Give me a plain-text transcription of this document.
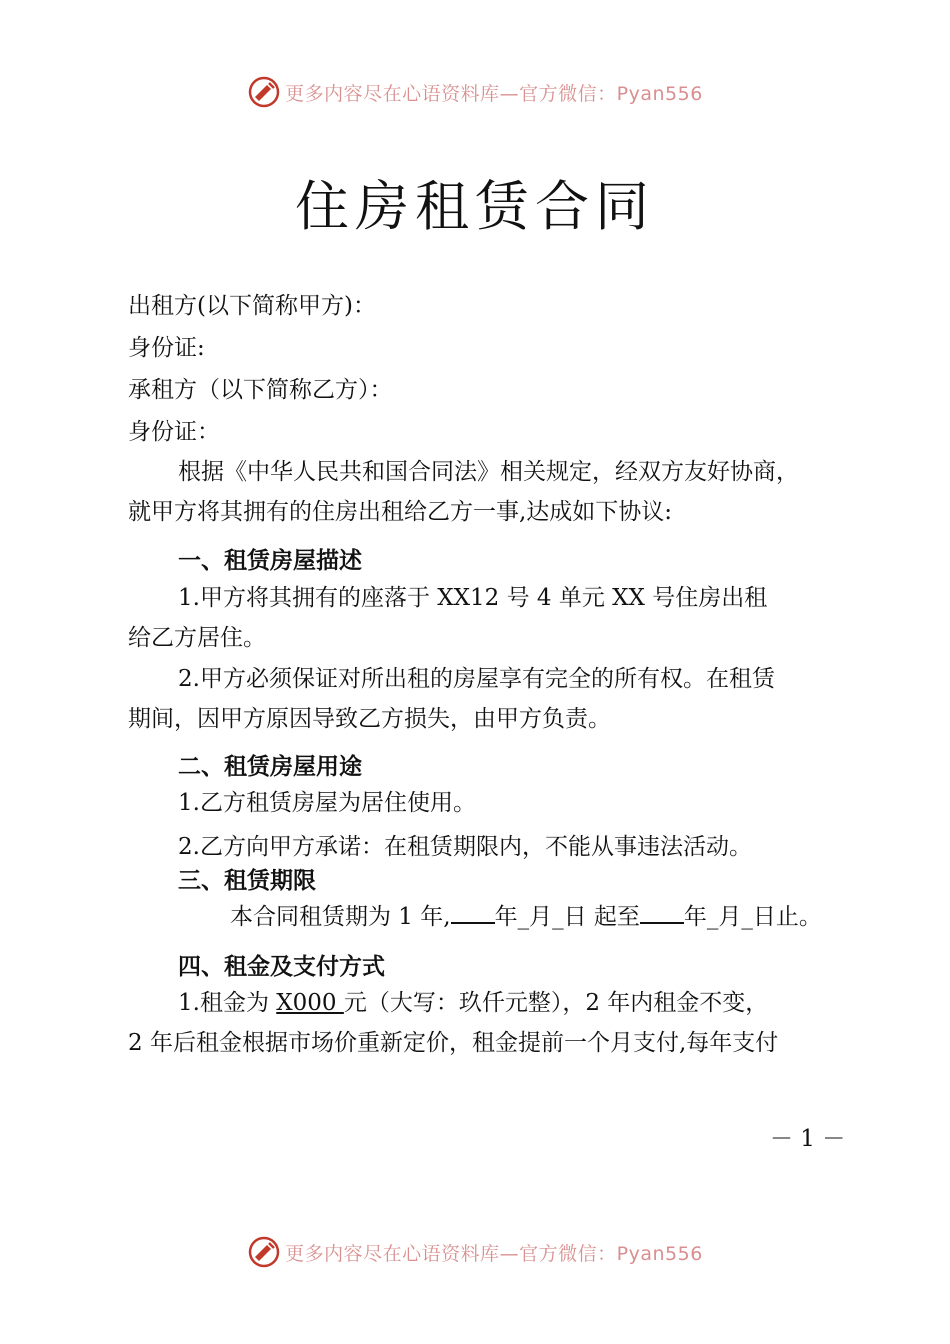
更多内容尽在心语资料库—官方微信：Pyan556
住房租赁合同
出租方(以下简称甲方)：
身份证:
承租方（以下简称乙方）：
身份证：
根据《中华人民共和国合同法》相关规定，经双方友好协商，
就甲方将其拥有的住房出租给乙方一事,达成如下协议:
一、租赁房屋描述
1.甲方将其拥有的座落于 XX12 号 4 单元 XX 号住房出租
给乙方居住。
2.甲方必须保证对所出租的房屋享有完全的所有权。在租赁
期间，因甲方原因导致乙方损失，由甲方负责。
二、租赁房屋用途
1.乙方租赁房屋为居住使用。
2.乙方向甲方承诺：在租赁期限内，不能从事违法活动。
三、租赁期限
本合同租赁期为 1 年, 年_月_日 起至 年_月_日止。
四、租金及支付方式
1.租金为 X000 元（大写：玖仟元整），2 年内租金不变，
2 年后租金根据市场价重新定价，租金提前一个月支付,每年支付
－ 1 －
更多内容尽在心语资料库—官方微信：Pyan556
